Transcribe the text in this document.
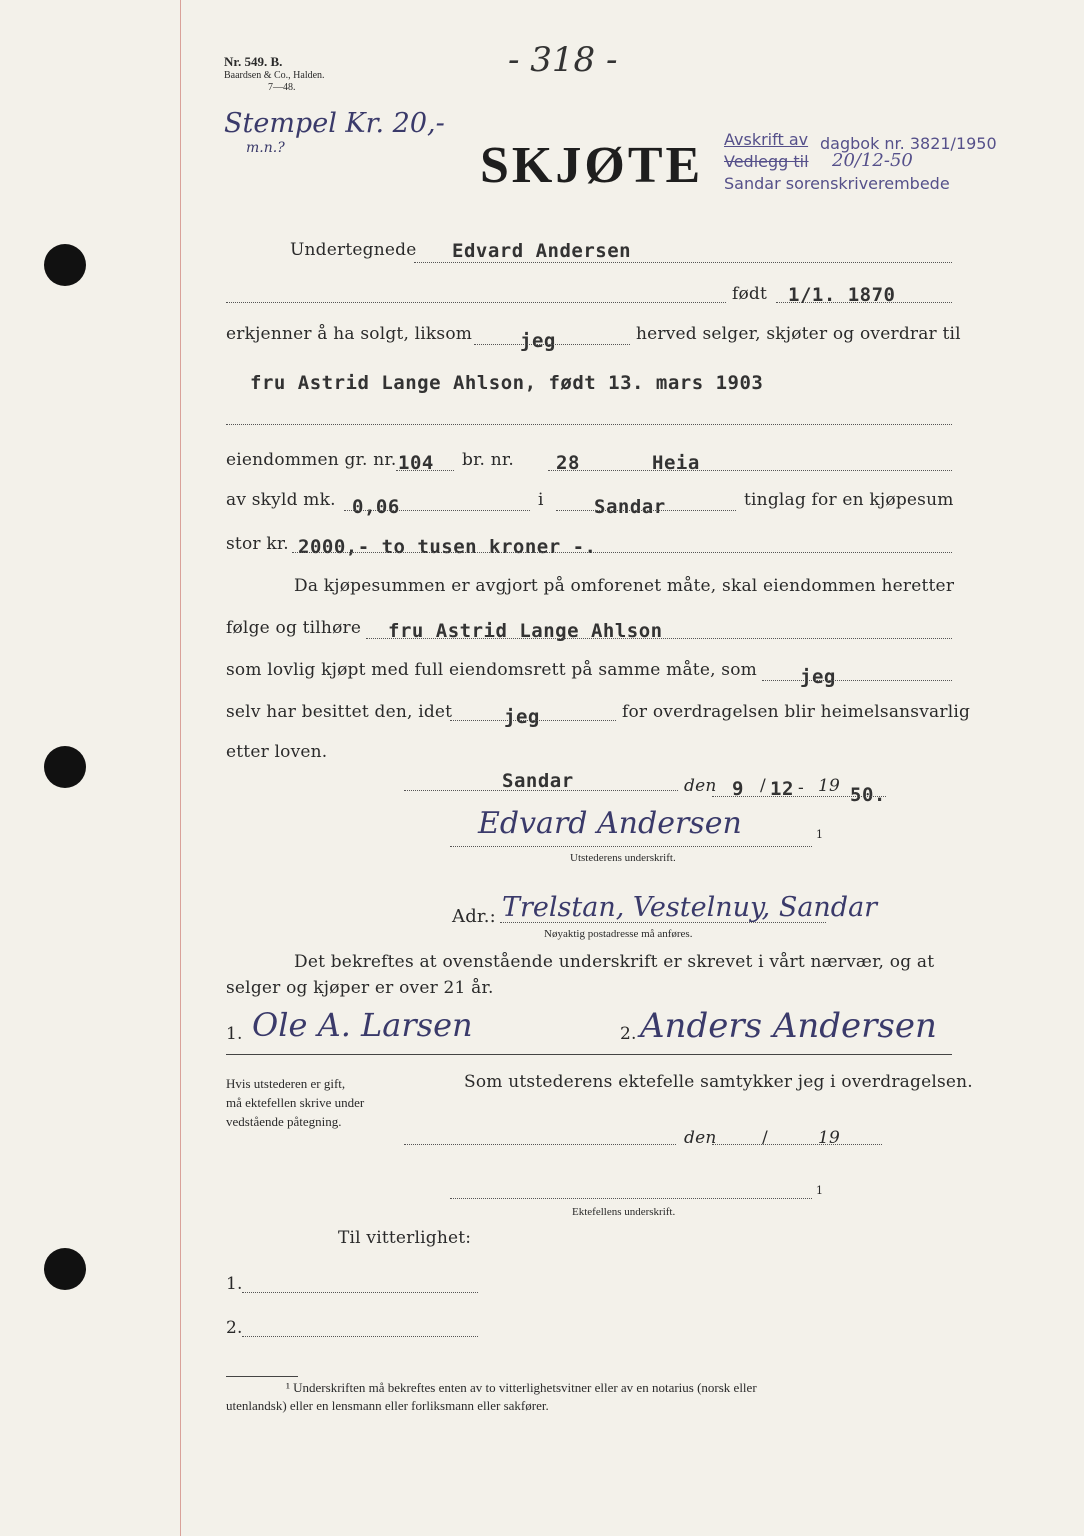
Nr. 549. B.
Baardsen & Co., Halden.
7—48.
- 318 -
Stempel Kr. 20,-
m.n.?	SKJØTE Avskrift av dagbok nr. 3821/1950
Vedlegg til 20/12-50
Sandar sorenskriverembede
Undertegnede Edvard Andersen
født 1/1. 1870
erkjenner å ha solgt, liksom	jeg	herved selger, skjøter og overdrar til
fru Astrid Lange Ahlson, født 13. mars 1903
eiendommen gr. nr. 104 br. nr. 28	Heia
av skyld mk. 0,06	i	Sandar	tinglag for en kjøpesum
stor kr. 2000,- to tusen kroner -.
Da kjøpesummen er avgjort på omforenet måte, skal eiendommen heretter
følge og tilhøre fru Astrid Lange Ahlson
som lovlig kjøpt med full eiendomsrett på samme måte, som jeg
selv har besittet den, idet	jeg	for overdragelsen blir heimelsansvarlig
etter loven.
Sandar	den 9 / 12 - 19 50.
Edvard Andersen	1
Utstederens underskrift.
Adr.: Trelstan, Vestelnuy, Sandar
Nøyaktig postadresse må anføres.
Det bekreftes at ovenstående underskrift er skrevet i vårt nærvær, og at
selger og kjøper er over 21 år.
1. Ole A. Larsen	2. Anders Andersen
Hvis utstederen er gift,
må ektefellen skrive under
vedstående påtegning.
Som utstederens ektefelle samtykker jeg i overdragelsen.
den	/	19
1
Ektefellens underskrift.
Til vitterlighet:
1.
2.
¹ Underskriften må bekreftes enten av to vitterlighetsvitner eller av en notarius (norsk eller
utenlandsk) eller en lensmann eller forliksmann eller sakfører.
